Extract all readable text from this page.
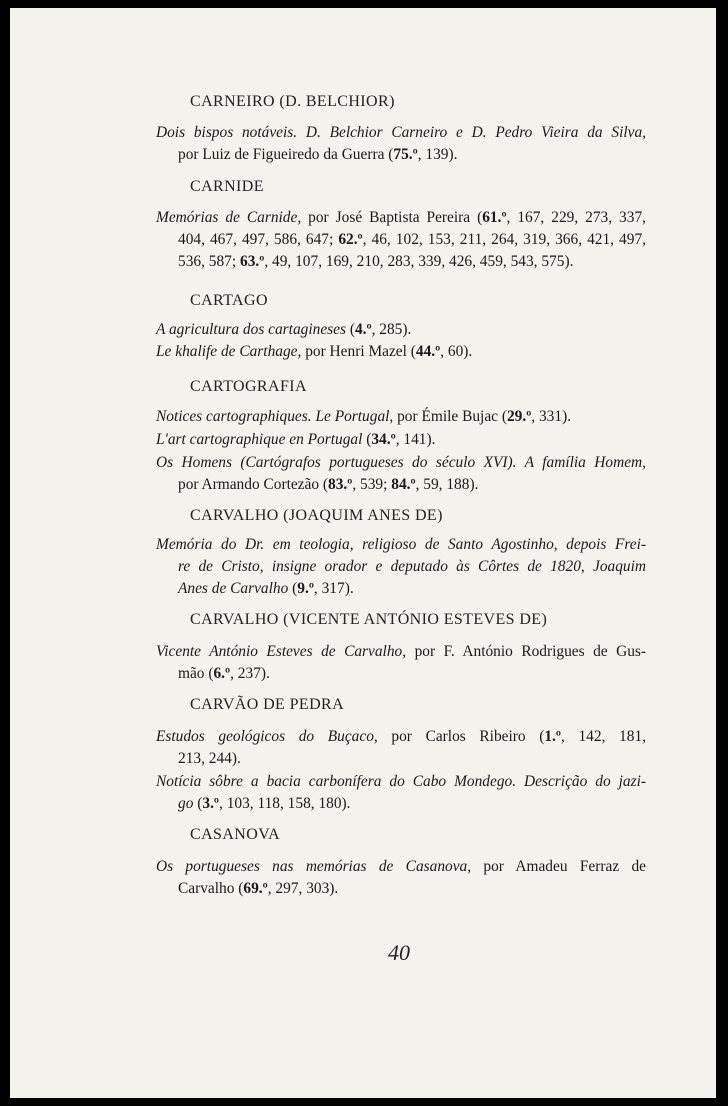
CARNEIRO (D. BELCHIOR)
Dois bispos notáveis. D. Belchior Carneiro e D. Pedro Vieira da Silva,
por Luiz de Figueiredo da Guerra (75.º, 139).
CARNIDE
Memórias de Carnide, por José Baptista Pereira (61.º, 167, 229, 273, 337,
404, 467, 497, 586, 647; 62.º, 46, 102, 153, 211, 264, 319, 366, 421, 497,
536, 587; 63.º, 49, 107, 169, 210, 283, 339, 426, 459, 543, 575).
CARTAGO
A agricultura dos cartagineses (4.º, 285).
Le khalife de Carthage, por Henri Mazel (44.º, 60).
CARTOGRAFIA
Notices cartographiques. Le Portugal, por Émile Bujac (29.º, 331).
L'art cartographique en Portugal (34.º, 141).
Os Homens (Cartógrafos portugueses do século XVI). A família Homem,
por Armando Cortezão (83.º, 539; 84.º, 59, 188).
CARVALHO (JOAQUIM ANES DE)
Memória do Dr. em teologia, religioso de Santo Agostinho, depois Frei-
re de Cristo, insigne orador e deputado às Côrtes de 1820, Joaquim
Anes de Carvalho (9.º, 317).
CARVALHO (VICENTE ANTÓNIO ESTEVES DE)
Vicente António Esteves de Carvalho, por F. António Rodrigues de Gus-
mão (6.º, 237).
CARVÃO DE PEDRA
Estudos geológicos do Buçaco, por Carlos Ribeiro (1.º, 142, 181,
213, 244).
Notícia sôbre a bacia carbonífera do Cabo Mondego. Descrição do jazi-
go (3.º, 103, 118, 158, 180).
CASANOVA
Os portugueses nas memórias de Casanova, por Amadeu Ferraz de
Carvalho (69.º, 297, 303).
40
